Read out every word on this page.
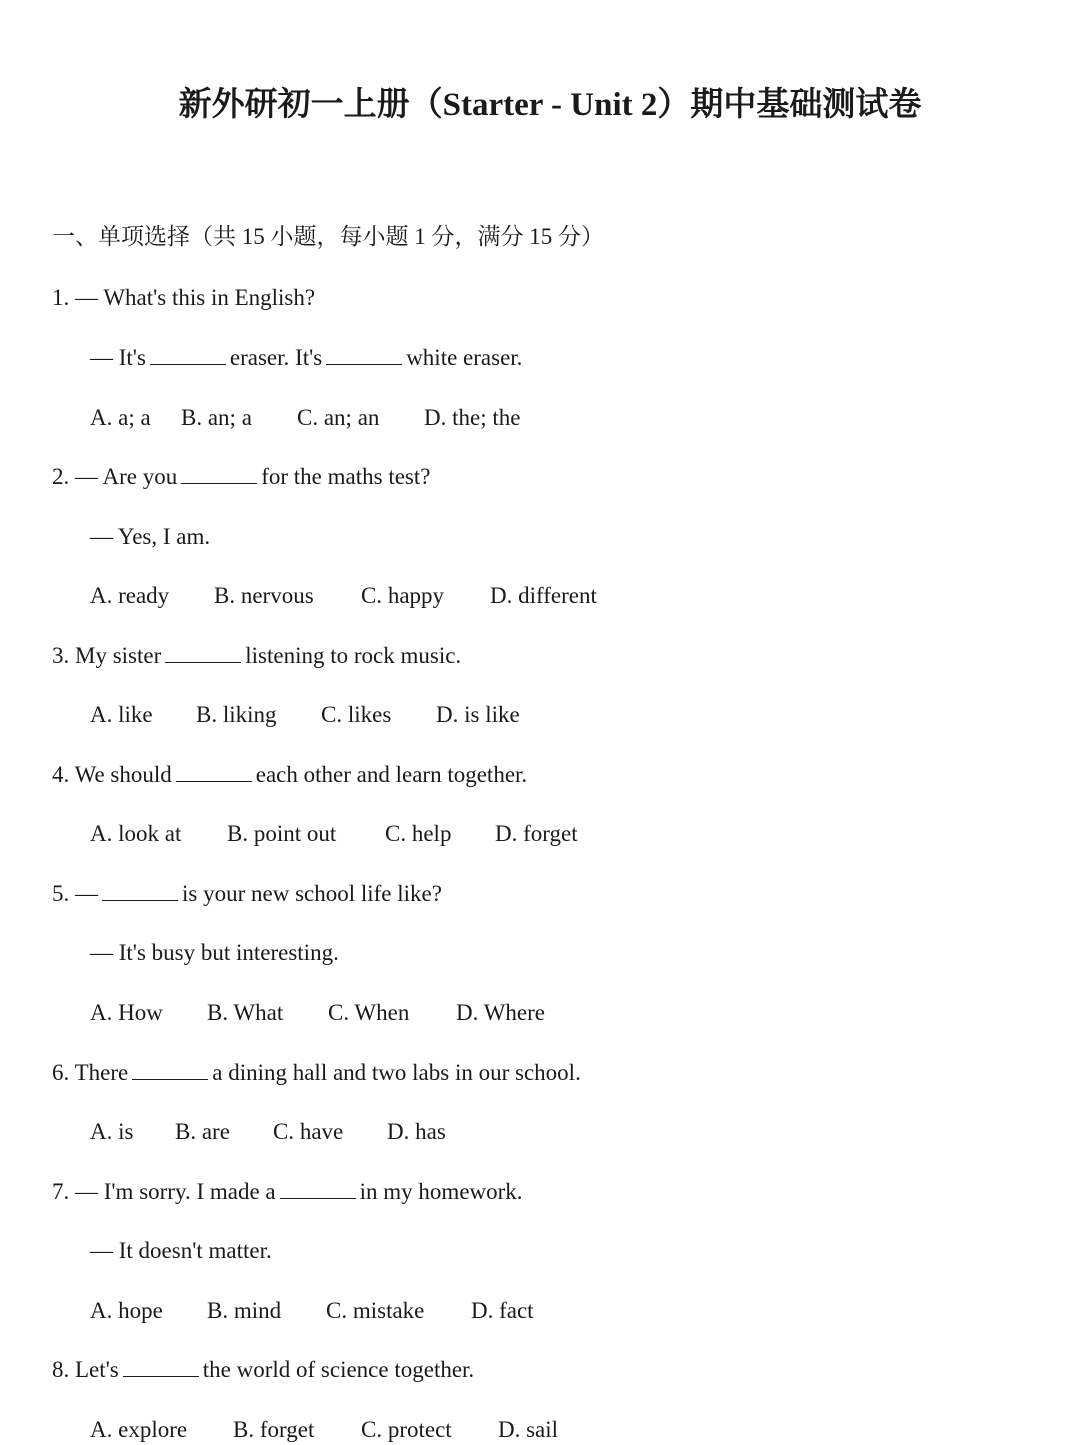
新外研初一上册（Starter - Unit 2）期中基础测试卷
一、单项选择（共 15 小题，每小题 1 分，满分 15 分）
1. — What's this in English?
— It's	eraser. It's	white eraser.
A. a; a B. an; a C. an; an D. the; the
2. — Are you	for the maths test?
— Yes, I am.
A. ready B. nervous C. happy D. different
3. My sister	listening to rock music.
A. like B. liking C. likes D. is like
4. We should	each other and learn together.
A. look at B. point out C. help D. forget
5. —	is your new school life like?
— It's busy but interesting.
A. How B. What C. When D. Where
6. There	a dining hall and two labs in our school.
A. is B. are C. have D. has
7. — I'm sorry. I made a	in my homework.
— It doesn't matter.
A. hope B. mind C. mistake D. fact
8. Let's	the world of science together.
A. explore B. forget C. protect D. sail
